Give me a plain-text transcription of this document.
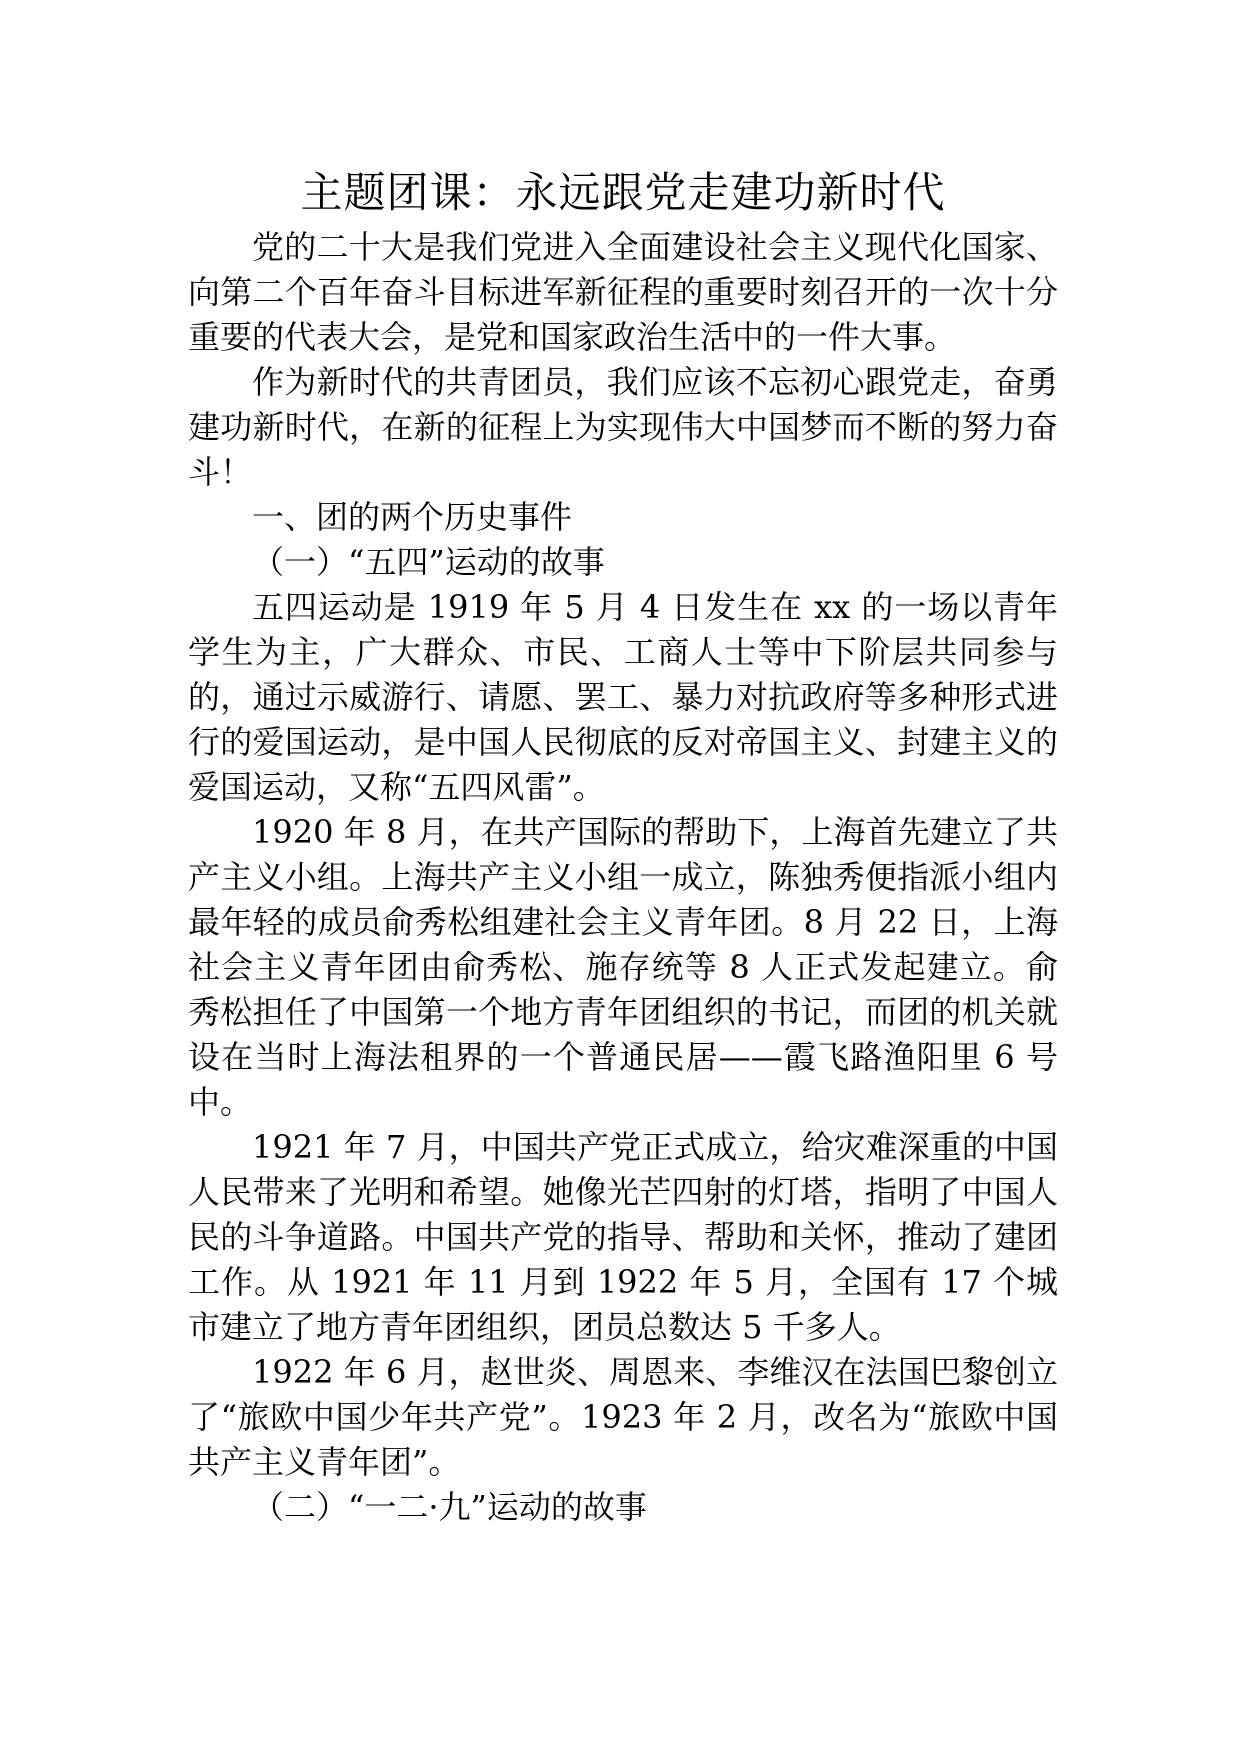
主题团课：永远跟党走建功新时代

党的二十大是我们党进入全面建设社会主义现代化国家、向第二个百年奋斗目标进军新征程的重要时刻召开的一次十分重要的代表大会，是党和国家政治生活中的一件大事。

作为新时代的共青团员，我们应该不忘初心跟党走，奋勇建功新时代，在新的征程上为实现伟大中国梦而不断的努力奋斗！

一、团的两个历史事件

（一）“五四”运动的故事

五四运动是 1919 年 5 月 4 日发生在 xx 的一场以青年学生为主，广大群众、市民、工商人士等中下阶层共同参与的，通过示威游行、请愿、罢工、暴力对抗政府等多种形式进行的爱国运动，是中国人民彻底的反对帝国主义、封建主义的爱国运动，又称“五四风雷”。

1920 年 8 月，在共产国际的帮助下，上海首先建立了共产主义小组。上海共产主义小组一成立，陈独秀便指派小组内最年轻的成员俞秀松组建社会主义青年团。8 月 22 日，上海社会主义青年团由俞秀松、施存统等 8 人正式发起建立。俞秀松担任了中国第一个地方青年团组织的书记，而团的机关就设在当时上海法租界的一个普通民居——霞飞路渔阳里 6 号中。

1921 年 7 月，中国共产党正式成立，给灾难深重的中国人民带来了光明和希望。她像光芒四射的灯塔，指明了中国人民的斗争道路。中国共产党的指导、帮助和关怀，推动了建团工作。从 1921 年 11 月到 1922 年 5 月，全国有 17 个城市建立了地方青年团组织，团员总数达 5 千多人。

1922 年 6 月，赵世炎、周恩来、李维汉在法国巴黎创立了“旅欧中国少年共产党”。1923 年 2 月，改名为“旅欧中国共产主义青年团”。

（二）“一二·九”运动的故事
